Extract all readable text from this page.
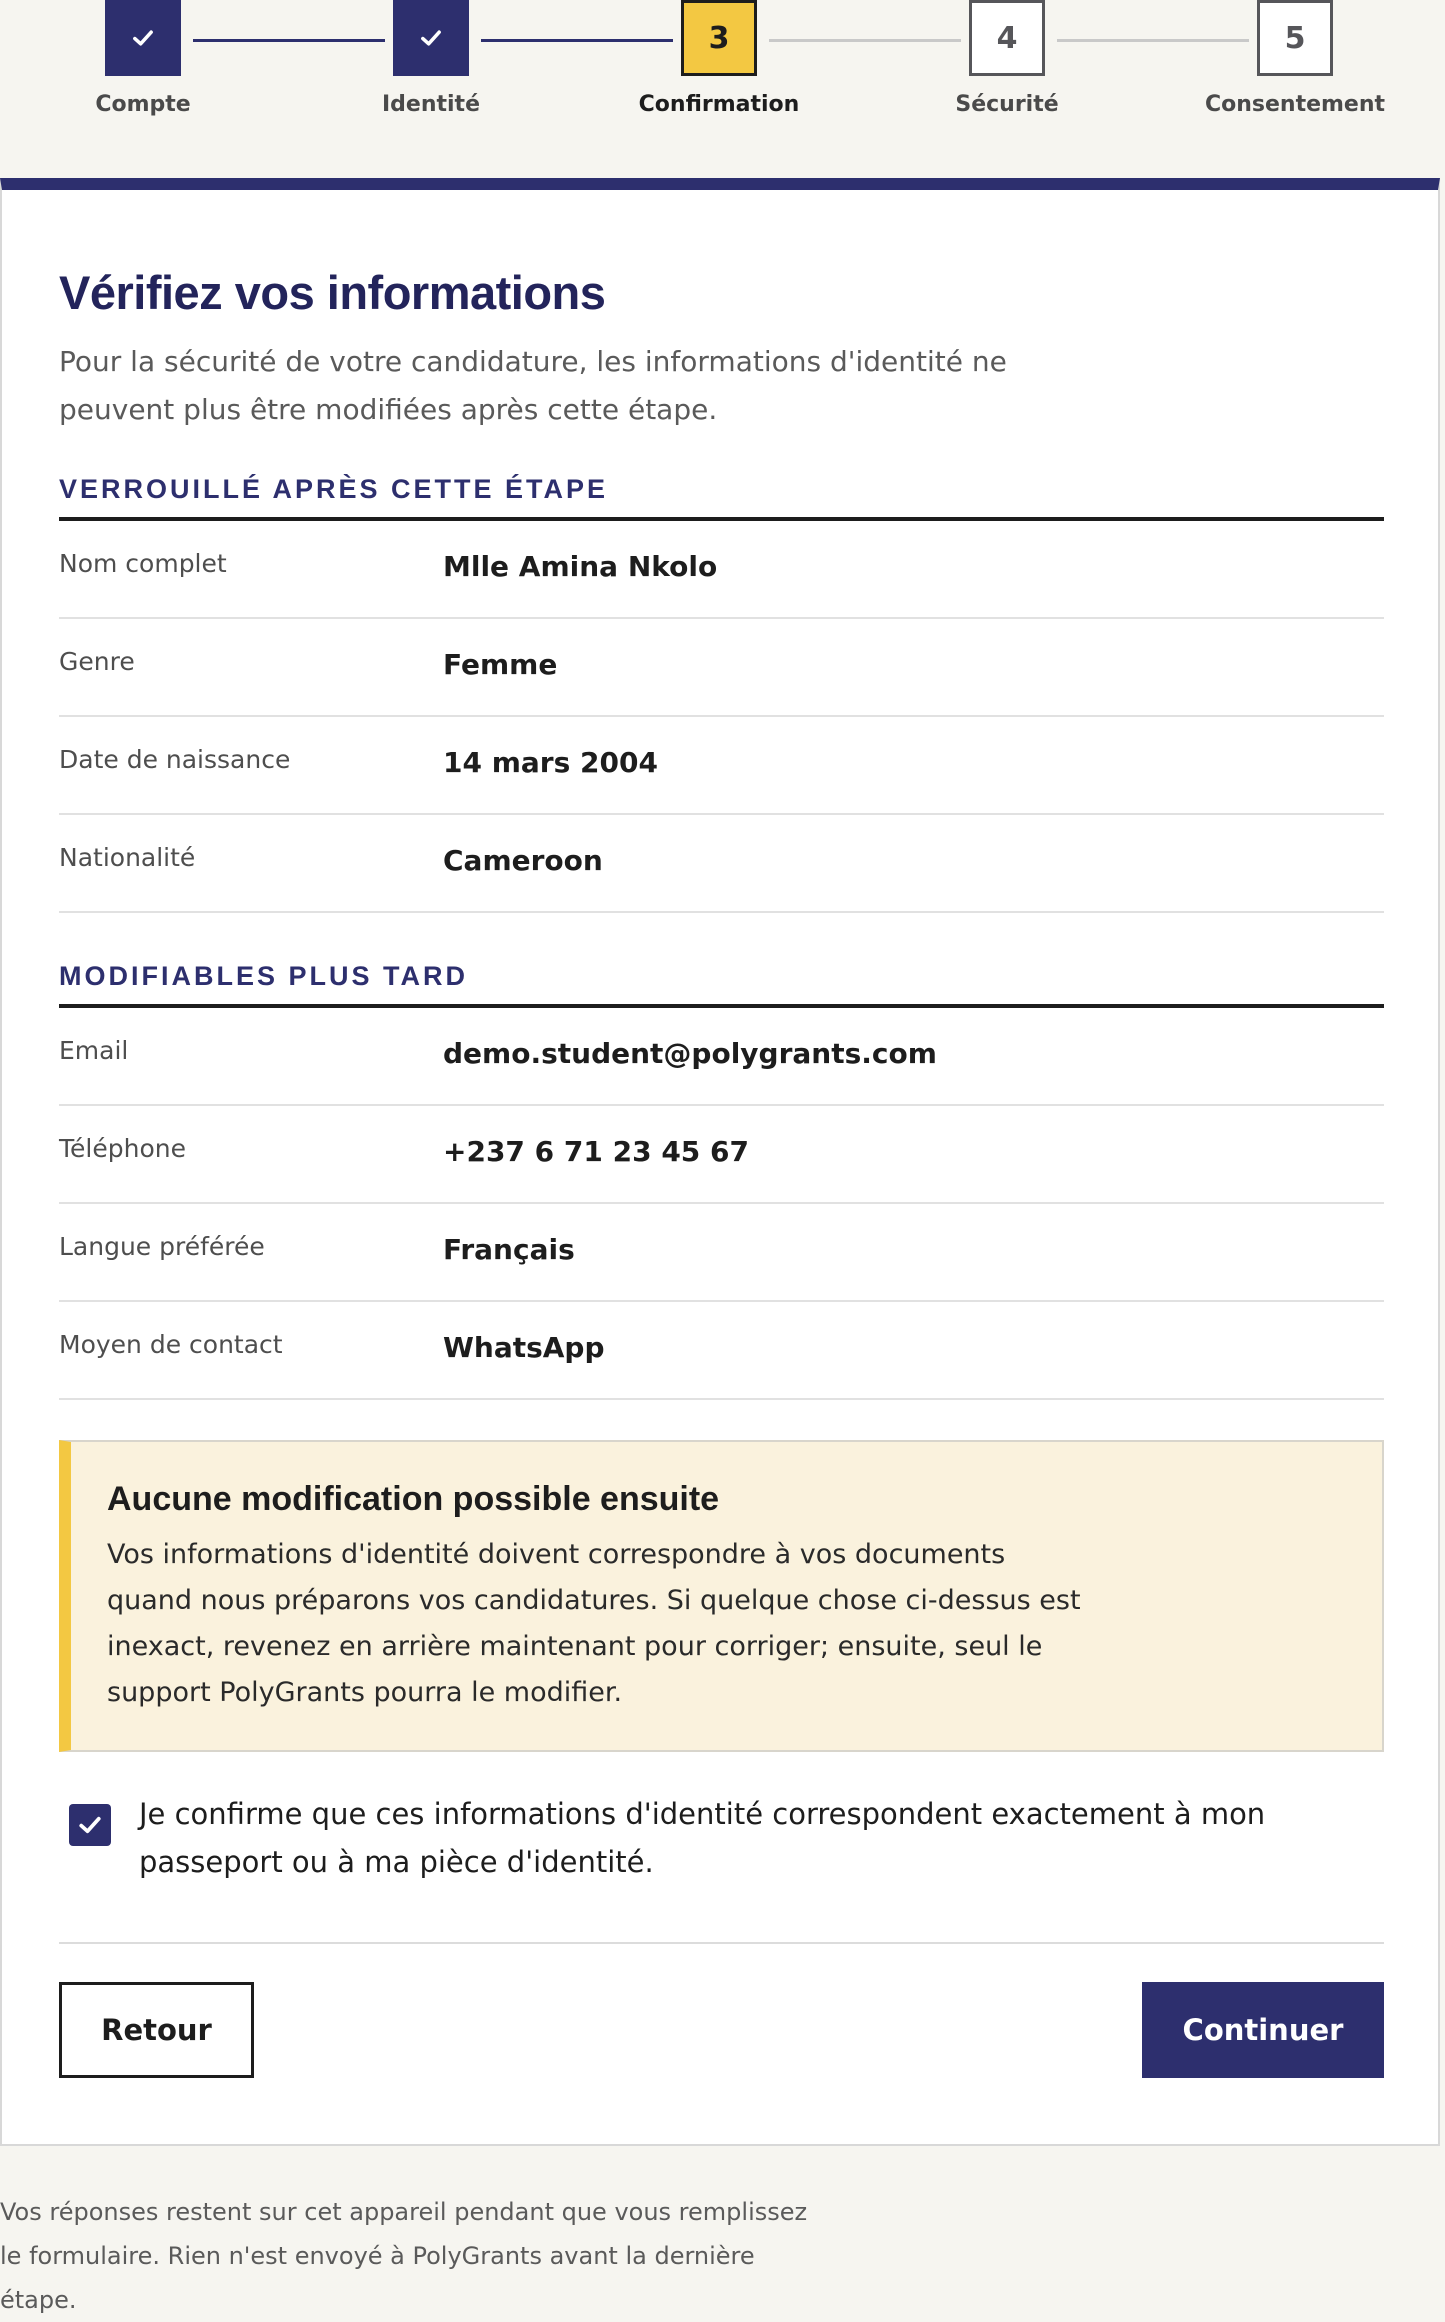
Compte	Identité
3
Confirmation
4
Sécurité
5
Consentement
Vérifiez vos informations

Pour la sécurité de votre candidature, les informations d'identité ne peuvent plus être modifiées après cette étape.

VERROUILLÉ APRÈS CETTE ÉTAPE
Nom complet	Mlle Amina Nkolo
Genre	Femme
Date de naissance	14 mars 2004
Nationalité	Cameroon
MODIFIABLES PLUS TARD
Email	demo.student@polygrants.com
Téléphone	+237 6 71 23 45 67
Langue préférée	Français
Moyen de contact	WhatsApp
Aucune modification possible ensuite

Vos informations d'identité doivent correspondre à vos documents quand nous préparons vos candidatures. Si quelque chose ci-dessus est inexact, revenez en arrière maintenant pour corriger; ensuite, seul le support PolyGrants pourra le modifier.

Je confirme que ces informations d'identité correspondent exactement à mon passeport ou à ma pièce d'identité.
Retour	Continuer

Vos réponses restent sur cet appareil pendant que vous remplissez le formulaire. Rien n'est envoyé à PolyGrants avant la dernière étape.
